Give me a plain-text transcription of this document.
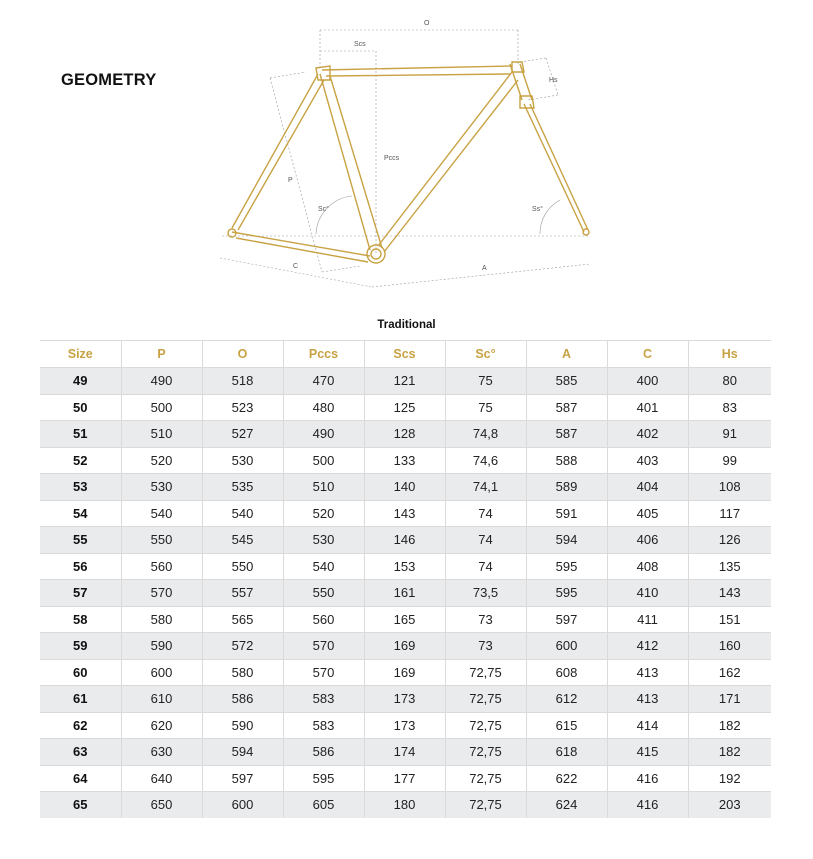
GEOMETRY
O
Scs
Hs
Pccs
P
Sc°	Ss°
C	A
Traditional
Size	P	O	Pccs	Scs	Sc°	A	C	Hs
49	490	518	470	121	75	585	400	80
50	500	523	480	125	75	587	401	83
51	510	527	490	128	74,8	587	402	91
52	520	530	500	133	74,6	588	403	99
53	530	535	510	140	74,1	589	404	108
54	540	540	520	143	74	591	405	117
55	550	545	530	146	74	594	406	126
56	560	550	540	153	74	595	408	135
57	570	557	550	161	73,5	595	410	143
58	580	565	560	165	73	597	411	151
59	590	572	570	169	73	600	412	160
60	600	580	570	169	72,75	608	413	162
61	610	586	583	173	72,75	612	413	171
62	620	590	583	173	72,75	615	414	182
63	630	594	586	174	72,75	618	415	182
64	640	597	595	177	72,75	622	416	192
65	650	600	605	180	72,75	624	416	203
